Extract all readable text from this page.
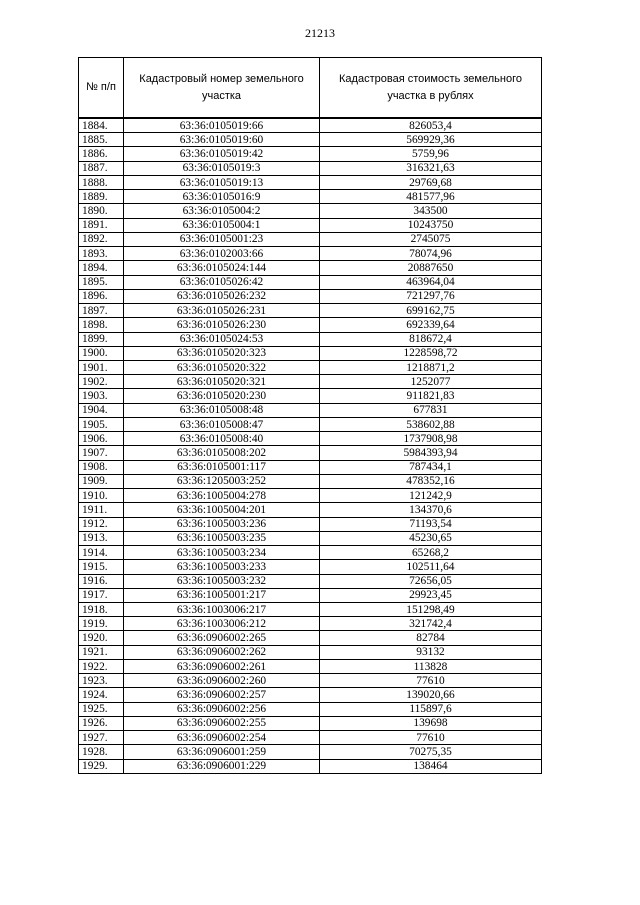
21213
№ п/п	Кадастровый номер земельного участка	Кадастровая стоимость земельного участка в рублях
1884.	63:36:0105019:66	826053,4
1885.	63:36:0105019:60	569929,36
1886.	63:36:0105019:42	5759,96
1887.	63:36:0105019:3	316321,63
1888.	63:36:0105019:13	29769,68
1889.	63:36:0105016:9	481577,96
1890.	63:36:0105004:2	343500
1891.	63:36:0105004:1	10243750
1892.	63:36:0105001:23	2745075
1893.	63:36:0102003:66	78074,96
1894.	63:36:0105024:144	20887650
1895.	63:36:0105026:42	463964,04
1896.	63:36:0105026:232	721297,76
1897.	63:36:0105026:231	699162,75
1898.	63:36:0105026:230	692339,64
1899.	63:36:0105024:53	818672,4
1900.	63:36:0105020:323	1228598,72
1901.	63:36:0105020:322	1218871,2
1902.	63:36:0105020:321	1252077
1903.	63:36:0105020:230	911821,83
1904.	63:36:0105008:48	677831
1905.	63:36:0105008:47	538602,88
1906.	63:36:0105008:40	1737908,98
1907.	63:36:0105008:202	5984393,94
1908.	63:36:0105001:117	787434,1
1909.	63:36:1205003:252	478352,16
1910.	63:36:1005004:278	121242,9
1911.	63:36:1005004:201	134370,6
1912.	63:36:1005003:236	71193,54
1913.	63:36:1005003:235	45230,65
1914.	63:36:1005003:234	65268,2
1915.	63:36:1005003:233	102511,64
1916.	63:36:1005003:232	72656,05
1917.	63:36:1005001:217	29923,45
1918.	63:36:1003006:217	151298,49
1919.	63:36:1003006:212	321742,4
1920.	63:36:0906002:265	82784
1921.	63:36:0906002:262	93132
1922.	63:36:0906002:261	113828
1923.	63:36:0906002:260	77610
1924.	63:36:0906002:257	139020,66
1925.	63:36:0906002:256	115897,6
1926.	63:36:0906002:255	139698
1927.	63:36:0906002:254	77610
1928.	63:36:0906001:259	70275,35
1929.	63:36:0906001:229	138464
